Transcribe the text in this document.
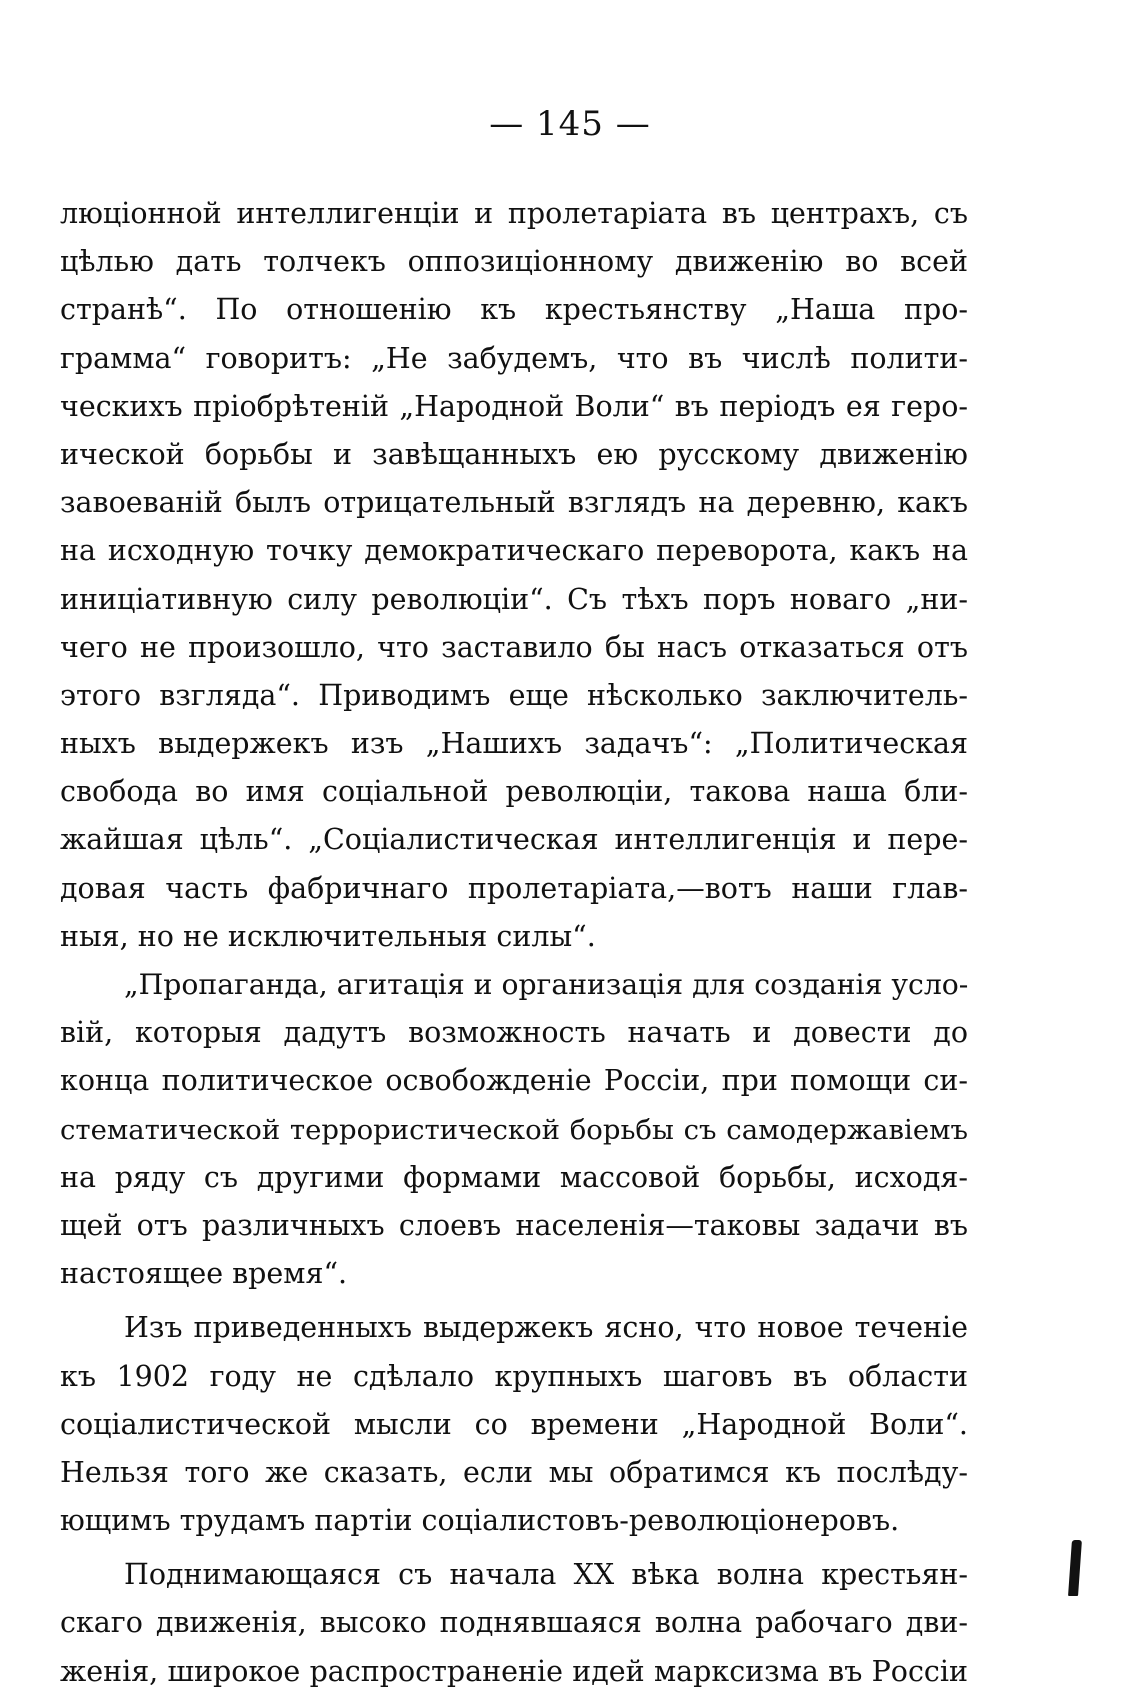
— 145 —
люціонной интеллигенціи и пролетаріата въ центрахъ, съ
цѣлью дать толчекъ оппозиціонному движенію во всей
странѣ“. По отношенію къ крестьянству „Наша про-
грамма“ говоритъ: „Не забудемъ, что въ числѣ полити-
ческихъ пріобрѣтеній „Народной Воли“ въ періодъ ея геро-
ической борьбы и завѣщанныхъ ею русскому движенію
завоеваній былъ отрицательный взглядъ на деревню, какъ
на исходную точку демократическаго переворота, какъ на
иниціативную силу революціи“. Съ тѣхъ поръ новаго „ни-
чего не произошло, что заставило бы насъ отказаться отъ
этого взгляда“. Приводимъ еще нѣсколько заключитель-
ныхъ выдержекъ изъ „Нашихъ задачъ“: „Политическая
свобода во имя соціальной революціи, такова наша бли-
жайшая цѣль“. „Соціалистическая интеллигенція и пере-
довая часть фабричнаго пролетаріата,—вотъ наши глав-
ныя, но не исключительныя силы“.
„Пропаганда, агитація и организація для созданія усло-
вій, которыя дадутъ возможность начать и довести до
конца политическое освобожденіе Россіи, при помощи си-
стематической террористической борьбы съ самодержавіемъ
на ряду съ другими формами массовой борьбы, исходя-
щей отъ различныхъ слоевъ населенія—таковы задачи въ
настоящее время“.
Изъ приведенныхъ выдержекъ ясно, что новое теченіе
къ 1902 году не сдѣлало крупныхъ шаговъ въ области
соціалистической мысли со времени „Народной Воли“.
Нельзя того же сказать, если мы обратимся къ послѣду-
ющимъ трудамъ партіи соціалистовъ-революціонеровъ.
Поднимающаяся съ начала XX вѣка волна крестьян-
скаго движенія, высоко поднявшаяся волна рабочаго дви-
женія, широкое распространеніе идей марксизма въ Россіи
